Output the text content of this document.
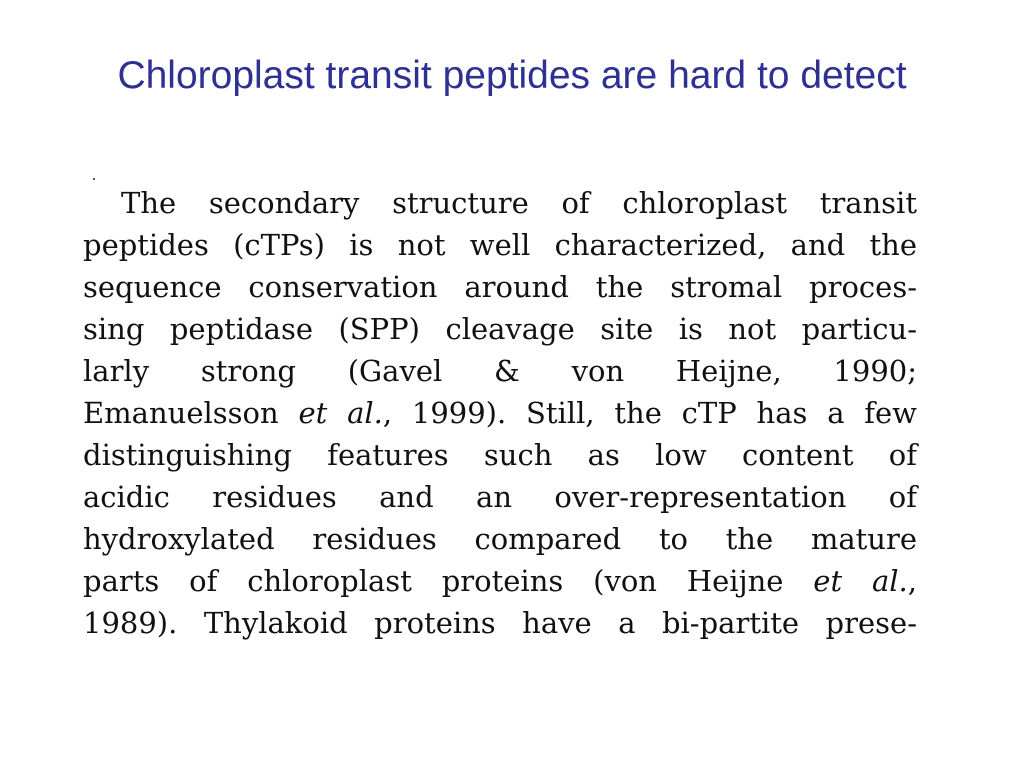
Chloroplast transit peptides are hard to detect
The secondary structure of chloroplast transit
peptides (cTPs) is not well characterized, and the
sequence conservation around the stromal proces-
sing peptidase (SPP) cleavage site is not particu-
larly strong (Gavel & von Heijne, 1990;
Emanuelsson et al., 1999). Still, the cTP has a few
distinguishing features such as low content of
acidic residues and an over-representation of
hydroxylated residues compared to the mature
parts of chloroplast proteins (von Heijne et al.,
1989). Thylakoid proteins have a bi-partite prese-
